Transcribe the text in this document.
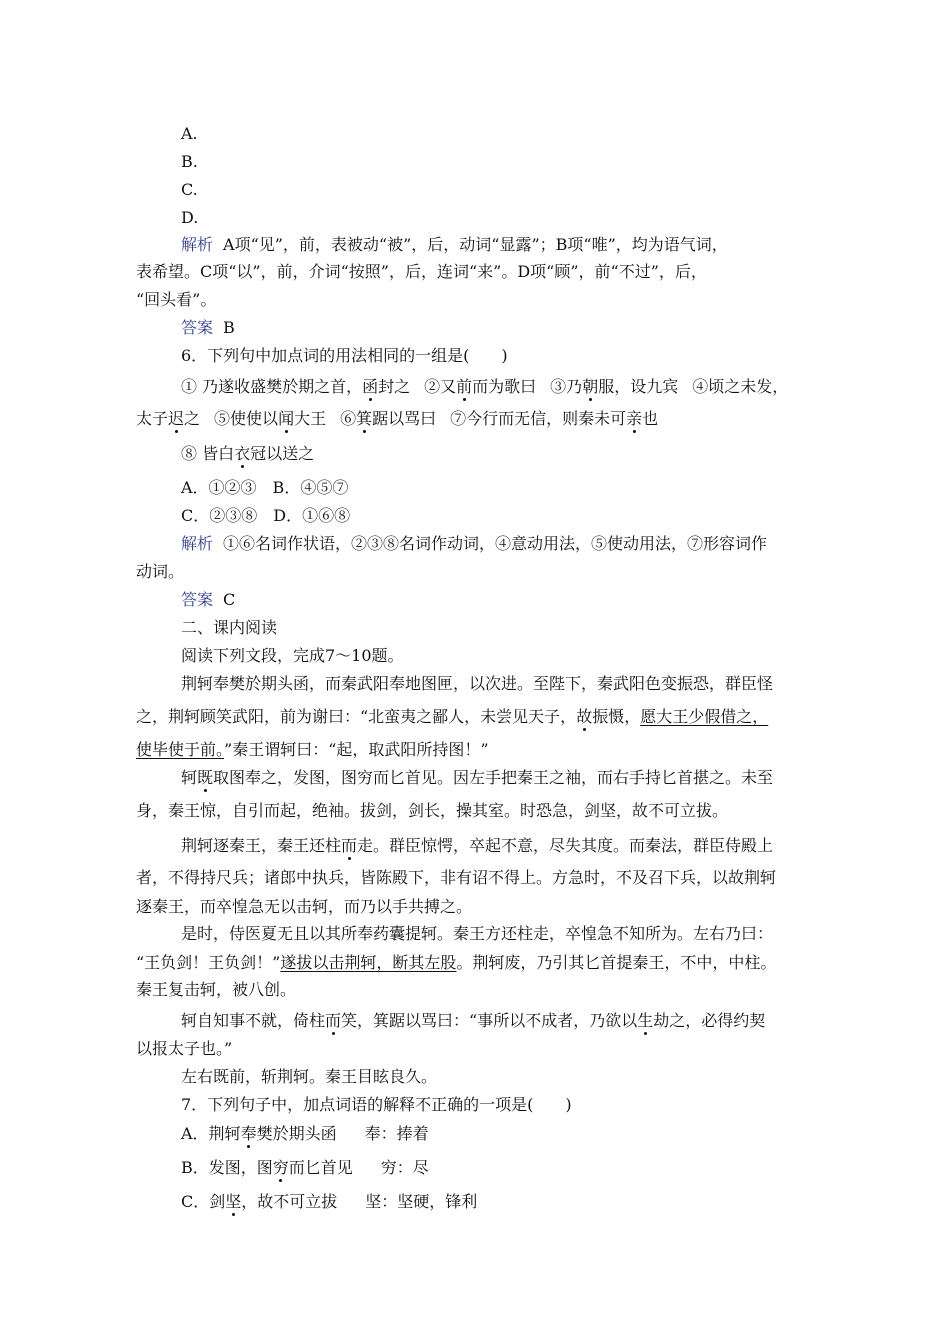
A.
B.
C.
D.
解析 A项“见”，前，表被动“被”，后，动词“显露”；B项“唯”，均为语气词，
表希望。C项“以”，前，介词“按照”，后，连词“来”。D项“顾”，前“不过”，后，
“回头看”。
答案 B
6．下列句中加点词的用法相同的一组是(　　)
① 乃遂收盛樊於期之首，函封之 ②又前而为歌曰 ③乃朝服，设九宾 ④顷之未发，
太子迟之 ⑤使使以闻大王 ⑥箕踞以骂曰 ⑦今行而无信，则秦未可亲也
⑧ 皆白衣冠以送之
A．①②③　B．④⑤⑦
C．②③⑧　D．①⑥⑧
解析 ①⑥名词作状语，②③⑧名词作动词，④意动用法，⑤使动用法，⑦形容词作
动词。
答案 C
二、课内阅读
阅读下列文段，完成7～10题。
荆轲奉樊於期头函，而秦武阳奉地图匣，以次进。至陛下，秦武阳色变振恐，群臣怪
之，荆轲顾笑武阳，前为谢曰：“北蛮夷之鄙人，未尝见天子，故振慑，愿大王少假借之，
使毕使于前。”秦王谓轲曰：“起，取武阳所持图！”
轲既取图奉之，发图，图穷而匕首见。因左手把秦王之袖，而右手持匕首揕之。未至
身，秦王惊，自引而起，绝袖。拔剑，剑长，操其室。时恐急，剑坚，故不可立拔。
荆轲逐秦王，秦王还柱而走。群臣惊愕，卒起不意，尽失其度。而秦法，群臣侍殿上
者，不得持尺兵；诸郎中执兵，皆陈殿下，非有诏不得上。方急时，不及召下兵，以故荆轲
逐秦王，而卒惶急无以击轲，而乃以手共搏之。
是时，侍医夏无且以其所奉药囊提轲。秦王方还柱走，卒惶急不知所为。左右乃曰：
“王负剑！王负剑！”遂拔以击荆轲，断其左股。荆轲废，乃引其匕首提秦王，不中，中柱。
秦王复击轲，被八创。
轲自知事不就，倚柱而笑，箕踞以骂曰：“事所以不成者，乃欲以生劫之，必得约契
以报太子也。”
左右既前，斩荆轲。秦王目眩良久。
7．下列句子中，加点词语的解释不正确的一项是(　　)
A．荆轲奉樊於期头函 奉：捧着
B．发图，图穷而匕首见 穷：尽
C．剑坚，故不可立拔 坚：坚硬，锋利
